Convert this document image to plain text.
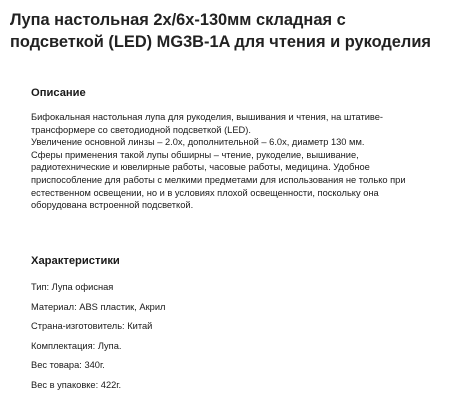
Лупа настольная 2x/6x-130мм складная с
подсветкой (LED) MG3B-1A для чтения и рукоделия
Описание
Бифокальная настольная лупа для рукоделия, вышивания и чтения, на штативе-
трансформере со светодиодной подсветкой (LED).
Увеличение основной линзы – 2.0x, дополнительной – 6.0x, диаметр 130 мм.
Сферы применения такой лупы обширны – чтение, рукоделие, вышивание,
радиотехнические и ювелирные работы, часовые работы, медицина. Удобное
приспособление для работы с мелкими предметами для использования не только при
естественном освещении, но и в условиях плохой освещенности, поскольку она
оборудована встроенной подсветкой.
Характеристики
Тип: Лупа офисная
Материал: ABS пластик, Акрил
Страна-изготовитель: Китай
Комплектация: Лупа.
Вес товара: 340г.
Вес в упаковке: 422г.
